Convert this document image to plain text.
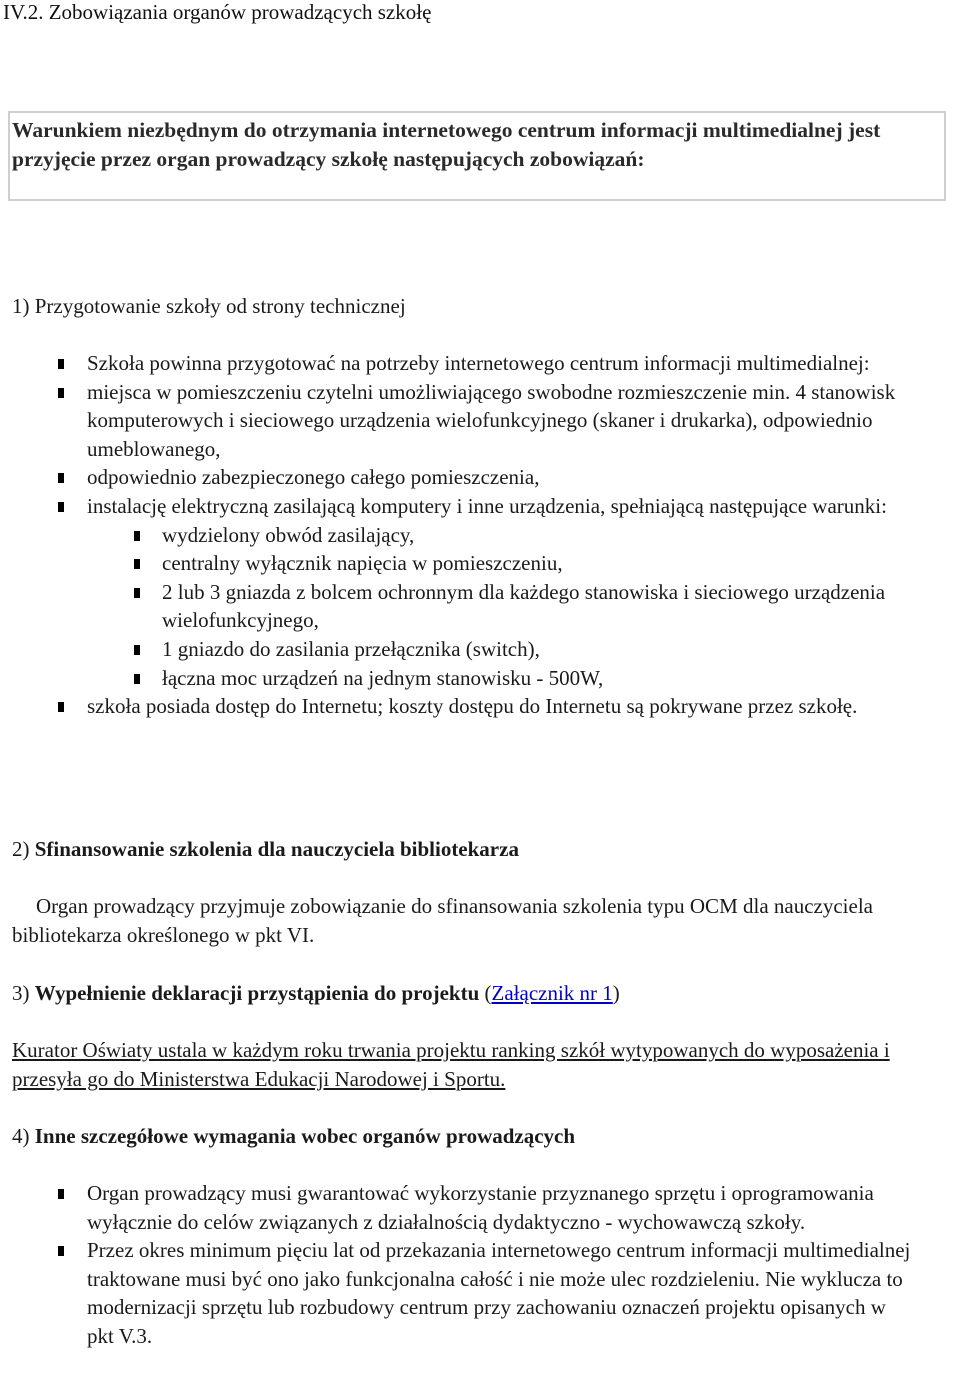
IV.2. Zobowiązania organów prowadzących szkołę
Warunkiem niezbędnym do otrzymania internetowego centrum informacji multimedialnej jest przyjęcie przez organ prowadzący szkołę następujących zobowiązań:
1) Przygotowanie szkoły od strony technicznej
Szkoła powinna przygotować na potrzeby internetowego centrum informacji multimedialnej:
miejsca w pomieszczeniu czytelni umożliwiającego swobodne rozmieszczenie min. 4 stanowisk komputerowych i sieciowego urządzenia wielofunkcyjnego (skaner i drukarka), odpowiednio umeblowanego,
odpowiednio zabezpieczonego całego pomieszczenia,
instalację elektryczną zasilającą komputery i inne urządzenia, spełniającą następujące warunki:
wydzielony obwód zasilający,
centralny wyłącznik napięcia w pomieszczeniu,
2 lub 3 gniazda z bolcem ochronnym dla każdego stanowiska i sieciowego urządzenia wielofunkcyjnego,
1 gniazdo do zasilania przełącznika (switch),
łączna moc urządzeń na jednym stanowisku - 500W,
szkoła posiada dostęp do Internetu; koszty dostępu do Internetu są pokrywane przez szkołę.
2) Sfinansowanie szkolenia dla nauczyciela bibliotekarza
Organ prowadzący przyjmuje zobowiązanie do sfinansowania szkolenia typu OCM dla nauczyciela bibliotekarza określonego w pkt VI.
3) Wypełnienie deklaracji przystąpienia do projektu (Załącznik nr 1)
Kurator Oświaty ustala w każdym roku trwania projektu ranking szkół wytypowanych do wyposażenia i przesyła go do Ministerstwa Edukacji Narodowej i Sportu.
4) Inne szczegółowe wymagania wobec organów prowadzących
Organ prowadzący musi gwarantować wykorzystanie przyznanego sprzętu i oprogramowania wyłącznie do celów związanych z działalnością dydaktyczno - wychowawczą szkoły.
Przez okres minimum pięciu lat od przekazania internetowego centrum informacji multimedialnej traktowane musi być ono jako funkcjonalna całość i nie może ulec rozdzieleniu. Nie wyklucza to modernizacji sprzętu lub rozbudowy centrum przy zachowaniu oznaczeń projektu opisanych w pkt V.3.
